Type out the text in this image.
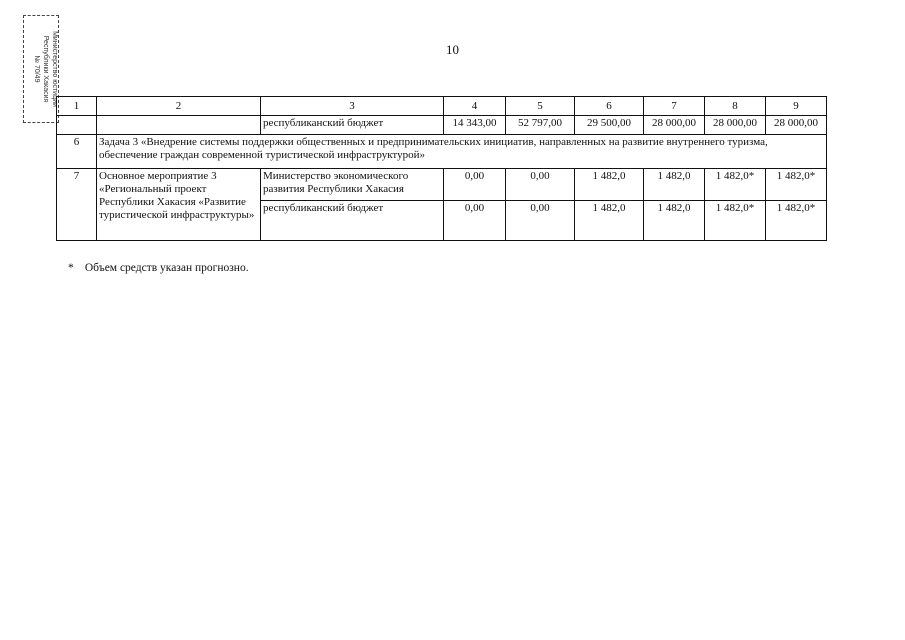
10
Министерство юстиции
Республики Хакасия
№ 70/49
1	2	3	4	5	6	7	8	9
		республиканский бюджет	14 343,00	52 797,00	29 500,00	28 000,00	28 000,00	28 000,00
6	Задача 3 «Внедрение системы поддержки общественных и предпринимательских инициатив, направленных на развитие внутреннего туризма, обеспечение граждан современной туристической инфраструктурой»							
7	Основное мероприятие 3 «Региональный проект Республики Хакасия «Развитие туристической инфраструктуры»	Министерство экономического развития Республики Хакасия	0,00	0,00	1 482,0	1 482,0	1 482,0*	1 482,0*
		республиканский бюджет	0,00	0,00	1 482,0	1 482,0	1 482,0*	1 482,0*
* Объем средств указан прогнозно.
